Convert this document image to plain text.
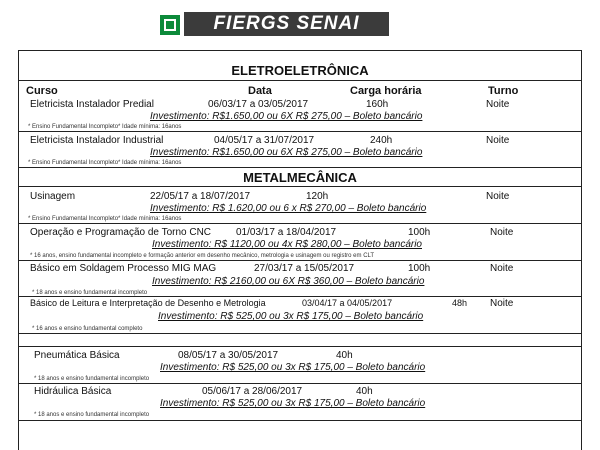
FIERGS SENAI
ELETROELETRÔNICA
Curso	Data	Carga horária	Turno
Eletricista Instalador Predial	06/03/17 a 03/05/2017	160h	Noite
Investimento: R$1.650,00 ou 6X R$ 275,00 – Boleto bancário
* Ensino Fundamental Incompleto* Idade mínima: 16anos
Eletricista Instalador Industrial	04/05/17 a 31/07/2017	240h	Noite
Investimento: R$1.650,00 ou 6X R$ 275,00 – Boleto bancário
* Ensino Fundamental Incompleto* Idade mínima: 16anos
METALMECÂNICA
Usinagem	22/05/17 a 18/07/2017	120h	Noite
Investimento: R$ 1.620,00 ou 6 x R$ 270,00 – Boleto bancário
* Ensino Fundamental Incompleto* Idade mínima: 16anos
Operação e Programação de Torno CNC 01/03/17 a 18/04/2017	100h	Noite
Investimento: R$ 1120,00 ou 4x R$ 280,00 – Boleto bancário
* 16 anos, ensino fundamental incompleto e formação anterior em desenho mecânico, metrologia e usinagem ou registro em CLT
Básico em Soldagem Processo MIG MAG	27/03/17 a 15/05/2017	100h	Noite
Investimento: R$ 2160,00 ou 6X R$ 360,00 – Boleto bancário
* 18 anos e ensino fundamental incompleto
Básico de Leitura e Interpretação de Desenho e Metrologia	03/04/17 a 04/05/2017	48h Noite
Investimento: R$ 525,00 ou 3x R$ 175,00 – Boleto bancário
* 16 anos e ensino fundamental completo
Pneumática Básica	08/05/17 a 30/05/2017	40h
Investimento: R$ 525,00 ou 3x R$ 175,00 – Boleto bancário
* 18 anos e ensino fundamental incompleto
Hidráulica Básica	05/06/17 a 28/06/2017	40h
Investimento: R$ 525,00 ou 3x R$ 175,00 – Boleto bancário
* 18 anos e ensino fundamental incompleto
